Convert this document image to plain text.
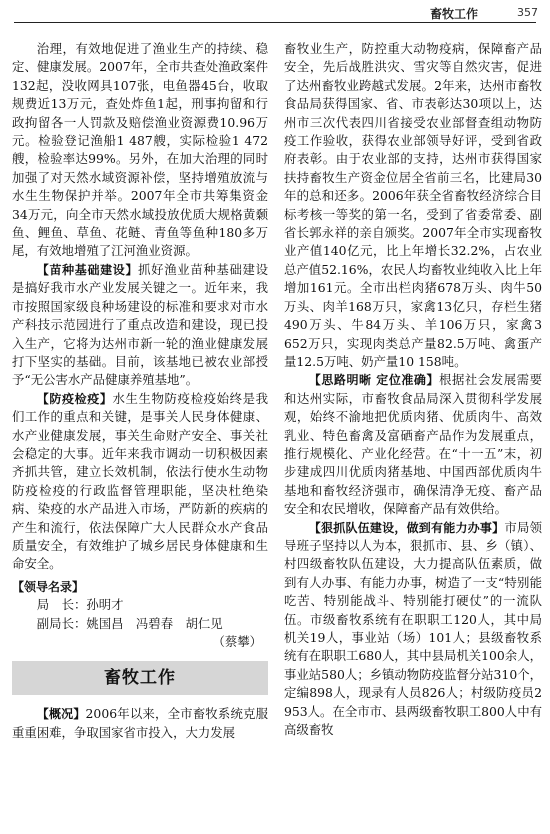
畜牧工作	357

治理，有效地促进了渔业生产的持续、稳定、健康发展。2007年，全市共查处渔政案件132起，没收网具107张，电鱼器45台，收取规费近13万元，查处炸鱼1起，刑事拘留和行政拘留各一人罚款及赔偿渔业资源费10.96万元。检验登记渔船1 487艘，实际检验1 472艘，检验率达99%。另外，在加大治理的同时加强了对天然水域资源补偿，坚持增殖放流与水生生物保护并举。2007年全市共筹集资金34万元，向全市天然水域投放优质大规格黄颡鱼、鲤鱼、草鱼、花鲢、青鱼等鱼种180多万尾，有效地增殖了江河渔业资源。

【苗种基础建设】抓好渔业苗种基础建设是搞好我市水产业发展关键之一。近年来，我市按照国家级良种场建设的标准和要求对市水产科技示范园进行了重点改造和建设，现已投入生产，它将为达州市新一轮的渔业健康发展打下坚实的基础。目前，该基地已被农业部授予“无公害水产品健康养殖基地”。

【防疫检疫】水生生物防疫检疫始终是我们工作的重点和关键，是事关人民身体健康、水产业健康发展，事关生命财产安全、事关社会稳定的大事。近年来我市调动一切积极因素齐抓共管，建立长效机制，依法行使水生动物防疫检疫的行政监督管理职能，坚决杜绝染病、染疫的水产品进入市场，严防新的疾病的产生和流行，依法保障广大人民群众水产食品质量安全，有效维护了城乡居民身体健康和生命安全。

【领导名录】

局　长：孙明才

副局长：姚国昌　冯碧春　胡仁见

（蔡攀）

畜牧工作

【概况】2006年以来，全市畜牧系统克服重重困难，争取国家省市投入，大力发展

畜牧业生产，防控重大动物疫病，保障畜产品安全，先后战胜洪灾、雪灾等自然灾害，促进了达州畜牧业跨越式发展。2年来，达州市畜牧食品局获得国家、省、市表彰达30项以上，达州市三次代表四川省接受农业部督查组动物防疫工作验收，获得农业部领导好评，受到省政府表彰。由于农业部的支持，达州市获得国家扶持畜牧生产资金位居全省前三名，比建局30年的总和还多。2006年获全省畜牧经济综合目标考核一等奖的第一名，受到了省委常委、副省长郭永祥的亲自颁奖。2007年全市实现畜牧业产值140亿元，比上年增长32.2%，占农业总产值52.16%，农民人均畜牧业纯收入比上年增加161元。全市出栏肉猪678万头、肉牛50万头、肉羊168万只，家禽13亿只，存栏生猪490万头、牛84万头、羊106万只，家禽3 652万只，实现肉类总产量82.5万吨、禽蛋产量12.5万吨、奶产量10 158吨。

【思路明晰 定位准确】根据社会发展需要和达州实际，市畜牧食品局深入贯彻科学发展观，始终不渝地把优质肉猪、优质肉牛、高效乳业、特色畜禽及富硒畜产品作为发展重点，推行规模化、产业化经营。在“十一五”末，初步建成四川优质肉猪基地、中国西部优质肉牛基地和畜牧经济强市，确保清净无疫、畜产品安全和农民增收，保障畜产品有效供给。

【狠抓队伍建设，做到有能力办事】市局领导班子坚持以人为本，狠抓市、县、乡（镇）、村四级畜牧队伍建设，大力提高队伍素质，做到有人办事、有能力办事，树造了一支“特别能吃苦、特别能战斗、特别能打硬仗”的一流队伍。市级畜牧系统有在职职工120人，其中局机关19人，事业站（场）101人；县级畜牧系统有在职职工680人，其中县局机关100余人，事业站580人；乡镇动物防疫监督分站310个，定编898人，现录有人员826人；村级防疫员2 953人。在全市市、县两级畜牧职工800人中有高级畜牧
